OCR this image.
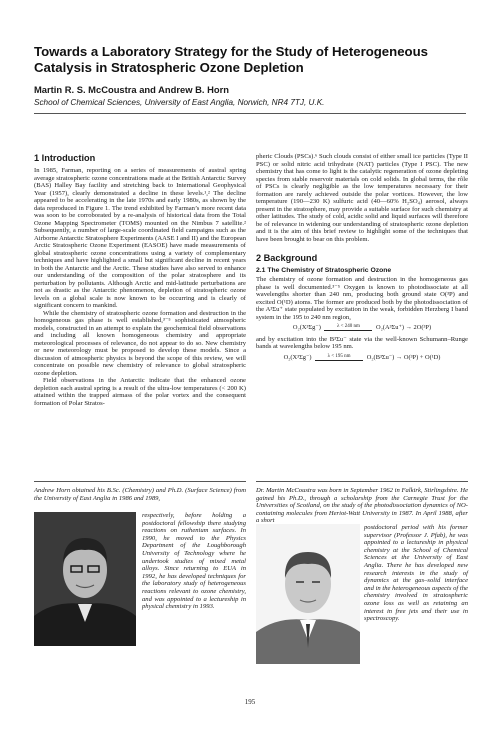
Towards a Laboratory Strategy for the Study of Heterogeneous Catalysis in Stratospheric Ozone Depletion
Martin R. S. McCoustra and Andrew B. Horn
School of Chemical Sciences, University of East Anglia, Norwich, NR4 7TJ, U.K.
1 Introduction

In 1985, Farman, reporting on a series of measurements of austral spring average stratospheric ozone concentrations made at the British Antarctic Survey (BAS) Halley Bay facility and stretching back to International Geophysical Year (1957), clearly demonstrated a decline in these levels.¹,² The decline appeared to be accelerating in the late 1970s and early 1980s, as shown by the data reproduced in Figure 1. The trend exhibited by Farman’s more recent data was soon to be corroborated by a re-analysis of historical data from the Total Ozone Mapping Spectrometer (TOMS) mounted on the Nimbus 7 satellite.² Subsequently, a number of large-scale coordinated field campaigns such as the Airborne Antarctic Stratosphere Experiments (AASE I and II) and the European Arctic Stratospheric Ozone Experiment (EASOE) have made measurements of global stratospheric ozone concentrations using a variety of complementary techniques and have highlighted a small but significant decline in recent years in both the Antarctic and the Arctic. These studies have also served to enhance our understanding of the composition of the polar stratosphere and its perturbation by pollutants. Although Arctic and mid-latitude perturbations are not as drastic as the Antarctic phenomenon, depletion of stratospheric ozone levels on a global scale is now known to be occurring and is clearly of significant concern to mankind.

While the chemistry of stratospheric ozone formation and destruction in the homogeneous gas phase is well established,³⁻⁵ sophisticated atmospheric models, constructed in an attempt to explain the geochemical field observations and including all known homogeneous chemistry and appropriate meteorological processes of relevance, do not appear to do so. New chemistry or new meteorology must be proposed to develop these models. Since a discussion of atmospheric physics is beyond the scope of this review, we will concentrate on possible new chemistry of relevance to global stratospheric ozone depletion.

Field observations in the Antarctic indicate that the enhanced ozone depletion each austral spring is a result of the ultra-low temperatures (< 200 K) attained within the trapped airmass of the polar vortex and the consequent formation of Polar Stratos-

pheric Clouds (PSCs).⁶ Such clouds consist of either small ice particles (Type II PSC) or solid nitric acid trihydrate (NAT) particles (Type I PSC). The new chemistry that has come to light is the catalytic regeneration of ozone depleting species from stable reservoir materials on cold solids. In global terms, the rôle of PSCs is clearly negligible as the low temperatures necessary for their formation are rarely achieved outside the polar vortices. However, the low temperature (190—230 K) sulfuric acid (40—60% H₂SO₄) aerosol, always present in the stratosphere, may provide a suitable surface for such chemistry at other latitudes. The study of cold, acidic solid and liquid surfaces will therefore be of relevance in widening our understanding of stratospheric ozone depletion and it is the aim of this brief review to highlight some of the techniques that have been brought to bear on this problem.

2 Background
2.1 The Chemistry of Stratospheric Ozone

The chemistry of ozone formation and destruction in the homogeneous gas phase is well documented.³⁻⁵ Oxygen is known to photodissociate at all wavelengths shorter than 240 nm, producing both ground state O(³P) and excited O(¹D) atoms. The former are produced both by the photodissociation of the A³Σu⁺ state populated by excitation in the weak, forbidden Herzberg I band system in the 195 to 240 nm region,

O₂(X³Σg⁻)	λ < 240 nm	O₂(A³Σu⁺) → 2O(³P)

and by excitation into the B³Σu⁻ state via the well-known Schumann–Runge bands at wavelengths below 195 nm.

O₂(X³Σg⁻)	λ < 195 nm	O₂(B³Σu⁻) → O(³P) + O(¹D)
Andrew Horn obtained his B.Sc. (Chemistry) and Ph.D. (Surface Science) from the University of East Anglia in 1986 and 1989,
respectively, before holding a postdoctoral fellowship there studying reactions on ruthenium surfaces. In 1990, he moved to the Physics Department of the Loughborough University of Technology where he undertook studies of mixed metal alloys. Since returning to EUA in 1992, he has developed techniques for the laboratory study of heterogeneous reactions relevant to ozone chemistry, and was appointed to a lectureship in physical chemistry in 1993.
Dr. Martin McCoustra was born in September 1962 in Falkirk, Stirlingshire. He gained his Ph.D., through a scholarship from the Carnegie Trust for the Universities of Scotland, on the study of the photodissociation dynamics of NO-containing molecules from Heriot-Watt University in 1987. In April 1988, after a short
postdoctoral period with his former supervisor (Professor J. Pfab), he was appointed to a lectureship in physical chemistry at the School of Chemical Sciences at the University of East Anglia. There he has developed new research interests in the study of dynamics at the gas–solid interface and in the heterogeneous aspects of the chemistry involved in stratospheric ozone loss as well as retaining an interest in free jets and their use in spectroscopy.
195
